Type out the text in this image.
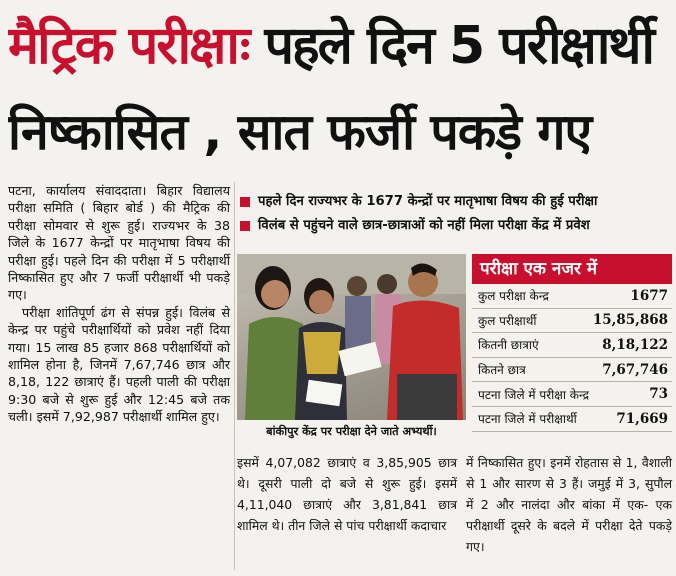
मैट्रिक परीक्षाः पहले दिन 5 परीक्षार्थी
निष्कासित , सात फर्जी पकड़े गए

पटना, कार्यालय संवाददाता। बिहार विद्यालय परीक्षा समिति ( बिहार बोर्ड ) की मैट्रिक की परीक्षा सोमवार से शुरू हुई। राज्यभर के 38 जिले के 1677 केन्द्रों पर मातृभाषा विषय की परीक्षा हुई। पहले दिन की परीक्षा में 5 परीक्षार्थी निष्कासित हुए और 7 फर्जी परीक्षार्थी भी पकड़े गए।

परीक्षा शांतिपूर्ण ढंग से संपन्न हुई। विलंब से केन्द्र पर पहुंचे परीक्षार्थियों को प्रवेश नहीं दिया गया। 15 लाख 85 हजार 868 परीक्षार्थियों को शामिल होना है, जिनमें 7,67,746 छात्र और 8,18, 122 छात्राएं हैं। पहली पाली की परीक्षा 9:30 बजे से शुरू हुई और 12:45 बजे तक चली। इसमें 7,92,987 परीक्षार्थी शामिल हुए।

पहले दिन राज्यभर के 1677 केन्द्रों पर मातृभाषा विषय की हुई परीक्षा
विलंब से पहुंचने वाले छात्र-छात्राओं को नहीं मिला परीक्षा केंद्र में प्रवेश
बांकीपुर केंद्र पर परीक्षा देने जाते अभ्यर्थी।
परीक्षा एक नजर में
कुल परीक्षा केन्द्र	1677
कुल परीक्षार्थी	15,85,868
कितनी छात्राएं	8,18,122
कितने छात्र	7,67,746
पटना जिले में परीक्षा केन्द्र	73
पटना जिले में परीक्षार्थी	71,669
इसमें 4,07,082 छात्राएं व 3,85,905 छात्र थे। दूसरी पाली दो बजे से शुरू हुई। इसमें 4,11,040 छात्राएं और 3,81,841 छात्र शामिल थे। तीन जिले से पांच परीक्षार्थी कदाचार
में निष्कासित हुए। इनमें रोहतास से 1, वैशाली से 1 और सारण से 3 हैं। जमुई में 3, सुपौल में 2 और नालंदा और बांका में एक- एक परीक्षार्थी दूसरे के बदले में परीक्षा देते पकड़े गए।
